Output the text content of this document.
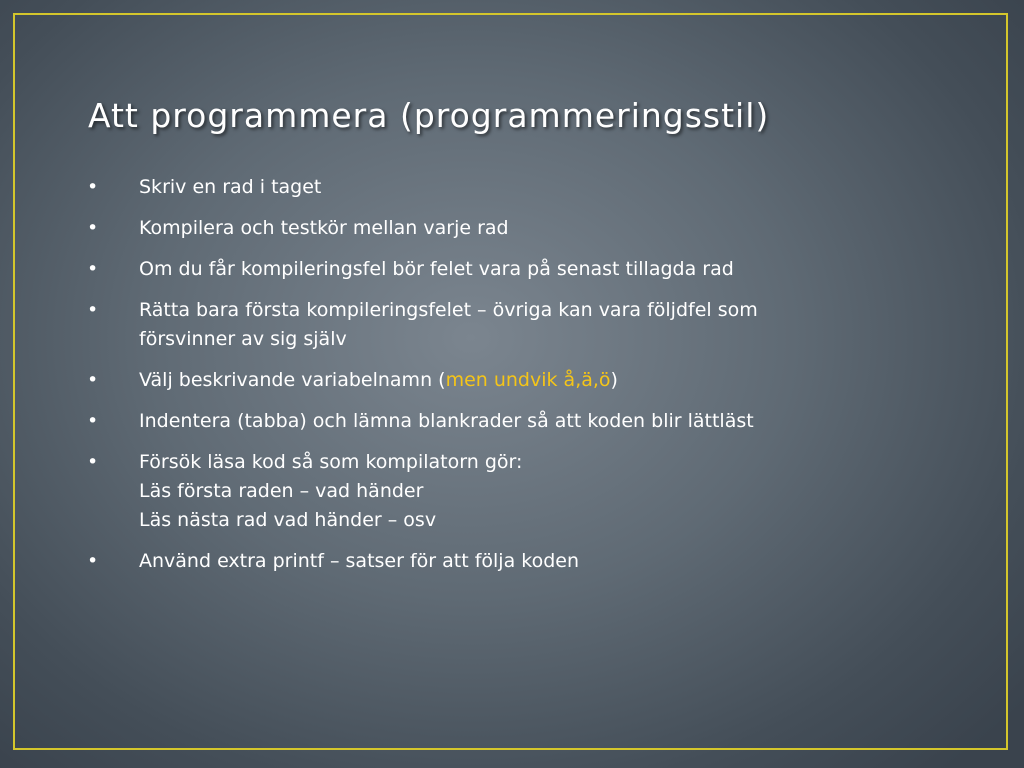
Att programmera (programmeringsstil)
• Skriv en rad i taget
• Kompilera och testkör mellan varje rad
• Om du får kompileringsfel bör felet vara på senast tillagda rad
• Rätta bara första kompileringsfelet – övriga kan vara följdfel som
försvinner av sig själv
• Välj beskrivande variabelnamn (men undvik å,ä,ö)
• Indentera (tabba) och lämna blankrader så att koden blir lättläst
• Försök läsa kod så som kompilatorn gör:
Läs första raden – vad händer
Läs nästa rad vad händer – osv
• Använd extra printf – satser för att följa koden
